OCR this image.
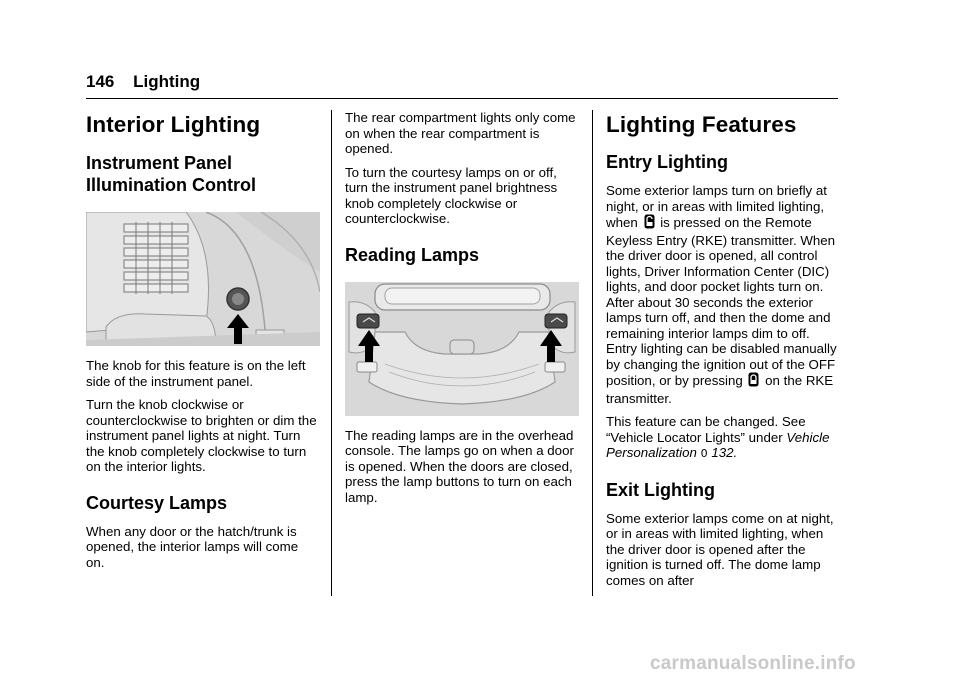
146 Lighting
Interior Lighting
Instrument Panel Illumination Control

The knob for this feature is on the left side of the instrument panel.

Turn the knob clockwise or counterclockwise to brighten or dim the instrument panel lights at night. Turn the knob completely clockwise to turn on the interior lights.

Courtesy Lamps

When any door or the hatch/trunk is opened, the interior lamps will come on.

The rear compartment lights only come on when the rear compartment is opened.

To turn the courtesy lamps on or off, turn the instrument panel brightness knob completely clockwise or counterclockwise.

Reading Lamps

The reading lamps are in the overhead console. The lamps go on when a door is opened. When the doors are closed, press the lamp buttons to turn on each lamp.

Lighting Features
Entry Lighting

Some exterior lamps turn on briefly at night, or in areas with limited lighting, when is pressed on the Remote Keyless Entry (RKE) transmitter. When the driver door is opened, all control lights, Driver Information Center (DIC) lights, and door pocket lights turn on. After about 30 seconds the exterior lamps turn off, and then the dome and remaining interior lamps dim to off. Entry lighting can be disabled manually by changing the ignition out of the OFF position, or by pressing on the RKE transmitter.

This feature can be changed. See “Vehicle Locator Lights” under Vehicle Personalization 0 132.

Exit Lighting

Some exterior lamps come on at night, or in areas with limited lighting, when the driver door is opened after the ignition is turned off. The dome lamp comes on after

carmanualsonline.info
